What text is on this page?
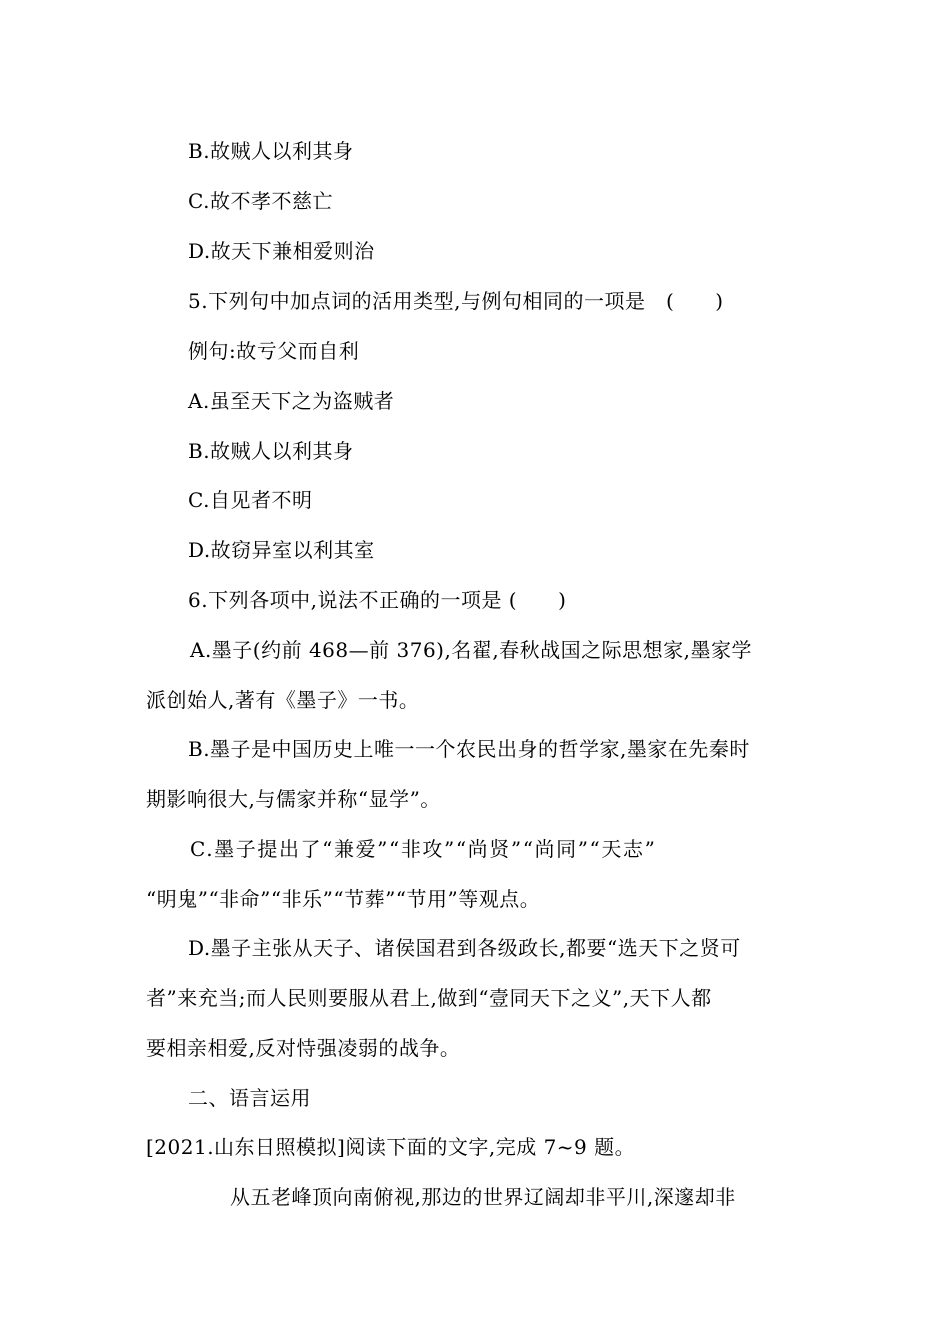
B.故贼人以利其身
C.故不孝不慈亡
D.故天下兼相爱则治
5.下列句中加点词的活用类型,与例句相同的一项是　(　　)
例句:故亏父而自利
A.虽至天下之为盗贼者
B.故贼人以利其身
C.自见者不明
D.故窃异室以利其室
6.下列各项中,说法不正确的一项是 (　　)
A.墨子(约前 468—前 376),名翟,春秋战国之际思想家,墨家学
派创始人,著有《墨子》一书。
B.墨子是中国历史上唯一一个农民出身的哲学家,墨家在先秦时
期影响很大,与儒家并称“显学”。
C.墨子提出了“兼爱”“非攻”“尚贤”“尚同”“天志”
“明鬼”“非命”“非乐”“节葬”“节用”等观点。
D.墨子主张从天子、诸侯国君到各级政长,都要“选天下之贤可
者”来充当;而人民则要服从君上,做到“壹同天下之义”,天下人都
要相亲相爱,反对恃强凌弱的战争。
二、语言运用
[2021.山东日照模拟]阅读下面的文字,完成 7~9 题。
从五老峰顶向南俯视,那边的世界辽阔却非平川,深邃却非
